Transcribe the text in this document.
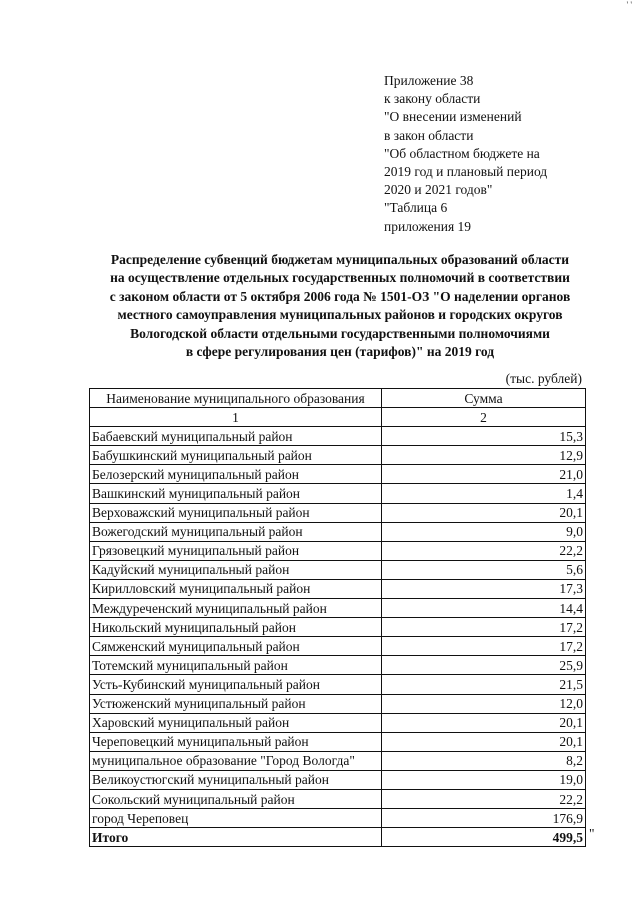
' '
Приложение 38
к закону области
"О внесении изменений
в закон области
"Об областном бюджете на
2019 год и плановый период
2020 и 2021 годов"
"Таблица 6
приложения 19
Распределение субвенций бюджетам муниципальных образований области
на осуществление отдельных государственных полномочий в соответствии
с законом области от 5 октября 2006 года № 1501-ОЗ "О наделении органов
местного самоуправления муниципальных районов и городских округов
Вологодской области отдельными государственными полномочиями
в сфере регулирования цен (тарифов)" на 2019 год
(тыс. рублей)
Наименование муниципального образования	Сумма
1	2
Бабаевский муниципальный район	15,3
Бабушкинский муниципальный район	12,9
Белозерский муниципальный район	21,0
Вашкинский муниципальный район	1,4
Верховажский муниципальный район	20,1
Вожегодский муниципальный район	9,0
Грязовецкий муниципальный район	22,2
Кадуйский муниципальный район	5,6
Кирилловский муниципальный район	17,3
Междуреченский муниципальный район	14,4
Никольский муниципальный район	17,2
Сямженский муниципальный район	17,2
Тотемский муниципальный район	25,9
Усть-Кубинский муниципальный район	21,5
Устюженский муниципальный район	12,0
Харовский муниципальный район	20,1
Череповецкий муниципальный район	20,1
муниципальное образование "Город Вологда"	8,2
Великоустюгский муниципальный район	19,0
Сокольский муниципальный район	22,2
город Череповец	176,9
Итого	499,5 "
